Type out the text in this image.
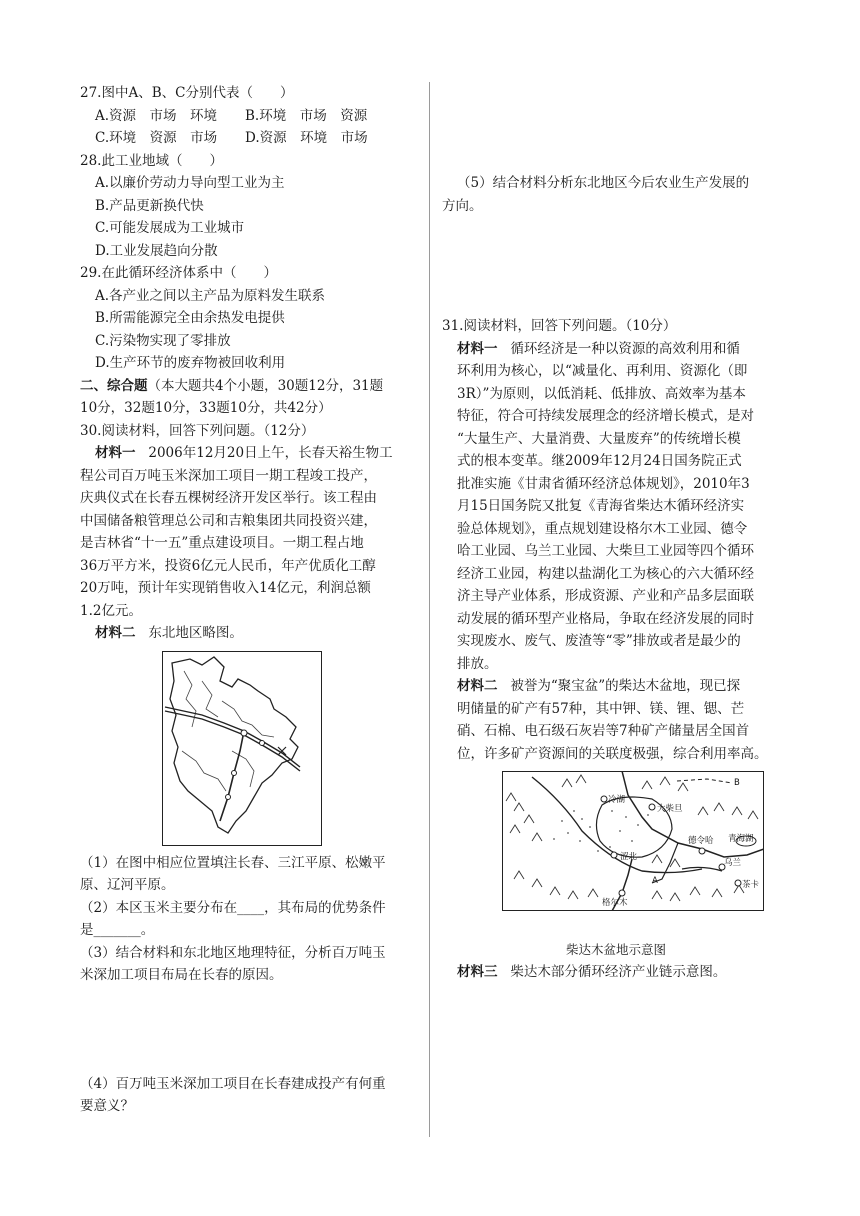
27.图中A、B、C分别代表（　　）
A.资源　市场　环境	B.环境　市场　资源
C.环境　资源　市场	D.资源　环境　市场
28.此工业地域（　　）
A.以廉价劳动力导向型工业为主
B.产品更新换代快
C.可能发展成为工业城市
D.工业发展趋向分散
29.在此循环经济体系中（　　）
A.各产业之间以主产品为原料发生联系
B.所需能源完全由余热发电提供
C.污染物实现了零排放
D.生产环节的废弃物被回收利用
二、综合题（本大题共4个小题，30题12分，31题
10分，32题10分，33题10分，共42分）
30.阅读材料，回答下列问题。（12分）
材料一 2006年12月20日上午，长春天裕生物工
程公司百万吨玉米深加工项目一期工程竣工投产，
庆典仪式在长春五棵树经济开发区举行。该工程由
中国储备粮管理总公司和吉粮集团共同投资兴建，
是吉林省“十一五”重点建设项目。一期工程占地
36万平方米，投资6亿元人民币，年产优质化工醇
20万吨，预计年实现销售收入14亿元，利润总额
1.2亿元。
材料二 东北地区略图。
（1）在图中相应位置填注长春、三江平原、松嫩平
原、辽河平原。
（2）本区玉米主要分布在____，其布局的优势条件
是_______。
（3）结合材料和东北地区地理特征，分析百万吨玉
米深加工项目布局在长春的原因。
（4）百万吨玉米深加工项目在长春建成投产有何重
要意义？
（5）结合材料分析东北地区今后农业生产发展的
方向。
31.阅读材料，回答下列问题。（10分）
材料一 循环经济是一种以资源的高效利用和循
环利用为核心，以“减量化、再利用、资源化（即
3R）”为原则，以低消耗、低排放、高效率为基本
特征，符合可持续发展理念的经济增长模式，是对
“大量生产、大量消费、大量废弃”的传统增长模
式的根本变革。继2009年12月24日国务院正式
批准实施《甘肃省循环经济总体规划》，2010年3
月15日国务院又批复《青海省柴达木循环经济实
验总体规划》，重点规划建设格尔木工业园、德令
哈工业园、乌兰工业园、大柴旦工业园等四个循环
经济工业园，构建以盐湖化工为核心的六大循环经
济主导产业体系，形成资源、产业和产品多层面联
动发展的循环型产业格局，争取在经济发展的同时
实现废水、废气、废渣等“零”排放或者是最少的
排放。
材料二 被誉为“聚宝盆”的柴达木盆地，现已探
明储量的矿产有57种，其中钾、镁、锂、锶、芒
硝、石棉、电石级石灰岩等7种矿产储量居全国首
位，许多矿产资源间的关联度极强，综合利用率高。
冷湖
大柴旦
德令哈 青海湖
涩北
乌兰
茶卡
格尔木
A
B
柴达木盆地示意图
材料三 柴达木部分循环经济产业链示意图。
